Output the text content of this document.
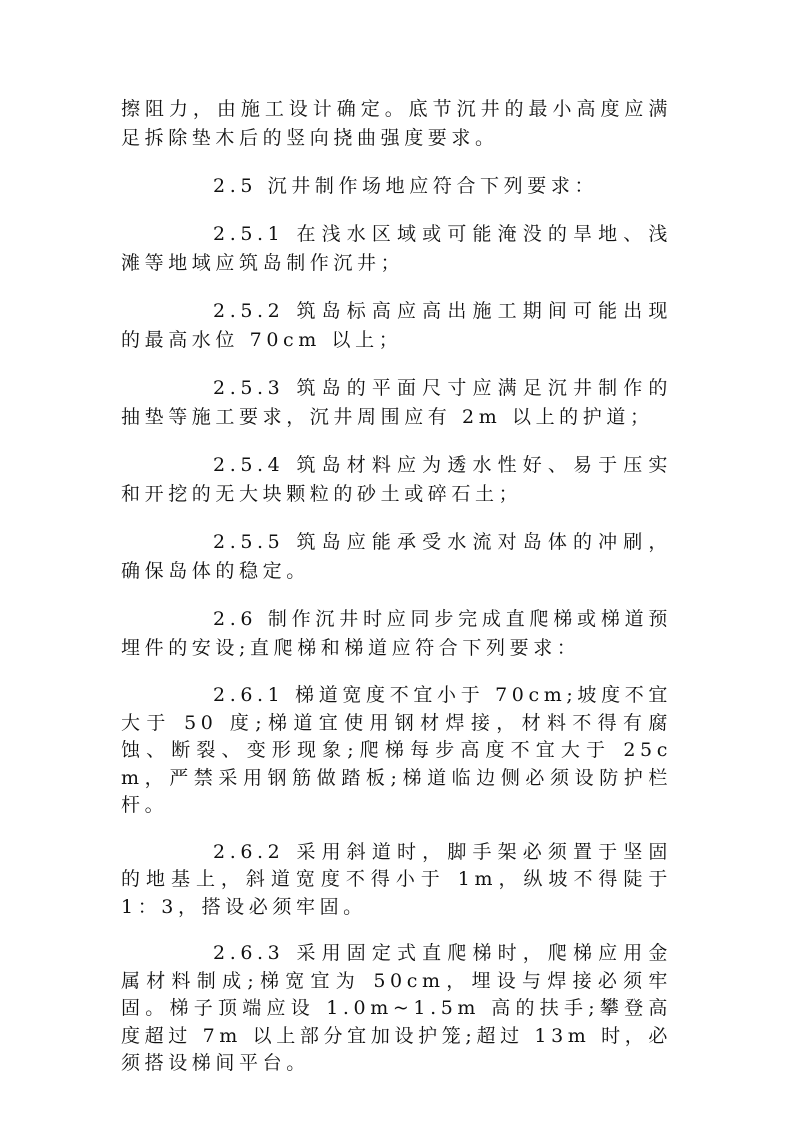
擦阻力，由施工设计确定。底节沉井的最小高度应满足拆除垫木后的竖向挠曲强度要求。

2.5 沉井制作场地应符合下列要求：

2.5.1 在浅水区域或可能淹没的旱地、浅滩等地域应筑岛制作沉井；

2.5.2 筑岛标高应高出施工期间可能出现的最高水位 70cm 以上；

2.5.3 筑岛的平面尺寸应满足沉井制作的抽垫等施工要求，沉井周围应有 2m 以上的护道；

2.5.4 筑岛材料应为透水性好、易于压实和开挖的无大块颗粒的砂土或碎石土；

2.5.5 筑岛应能承受水流对岛体的冲刷，确保岛体的稳定。

2.6 制作沉井时应同步完成直爬梯或梯道预埋件的安设;直爬梯和梯道应符合下列要求：

2.6.1 梯道宽度不宜小于 70cm;坡度不宜大于 50 度;梯道宜使用钢材焊接，材料不得有腐蚀、断裂、变形现象;爬梯每步高度不宜大于 25cm，严禁采用钢筋做踏板;梯道临边侧必须设防护栏杆。

2.6.2 采用斜道时，脚手架必须置于坚固的地基上，斜道宽度不得小于 1m，纵坡不得陡于 1：3，搭设必须牢固。

2.6.3 采用固定式直爬梯时，爬梯应用金属材料制成;梯宽宜为 50cm，埋设与焊接必须牢固。梯子顶端应设 1.0m~1.5m 高的扶手;攀登高度超过 7m 以上部分宜加设护笼;超过 13m 时，必须搭设梯间平台。
